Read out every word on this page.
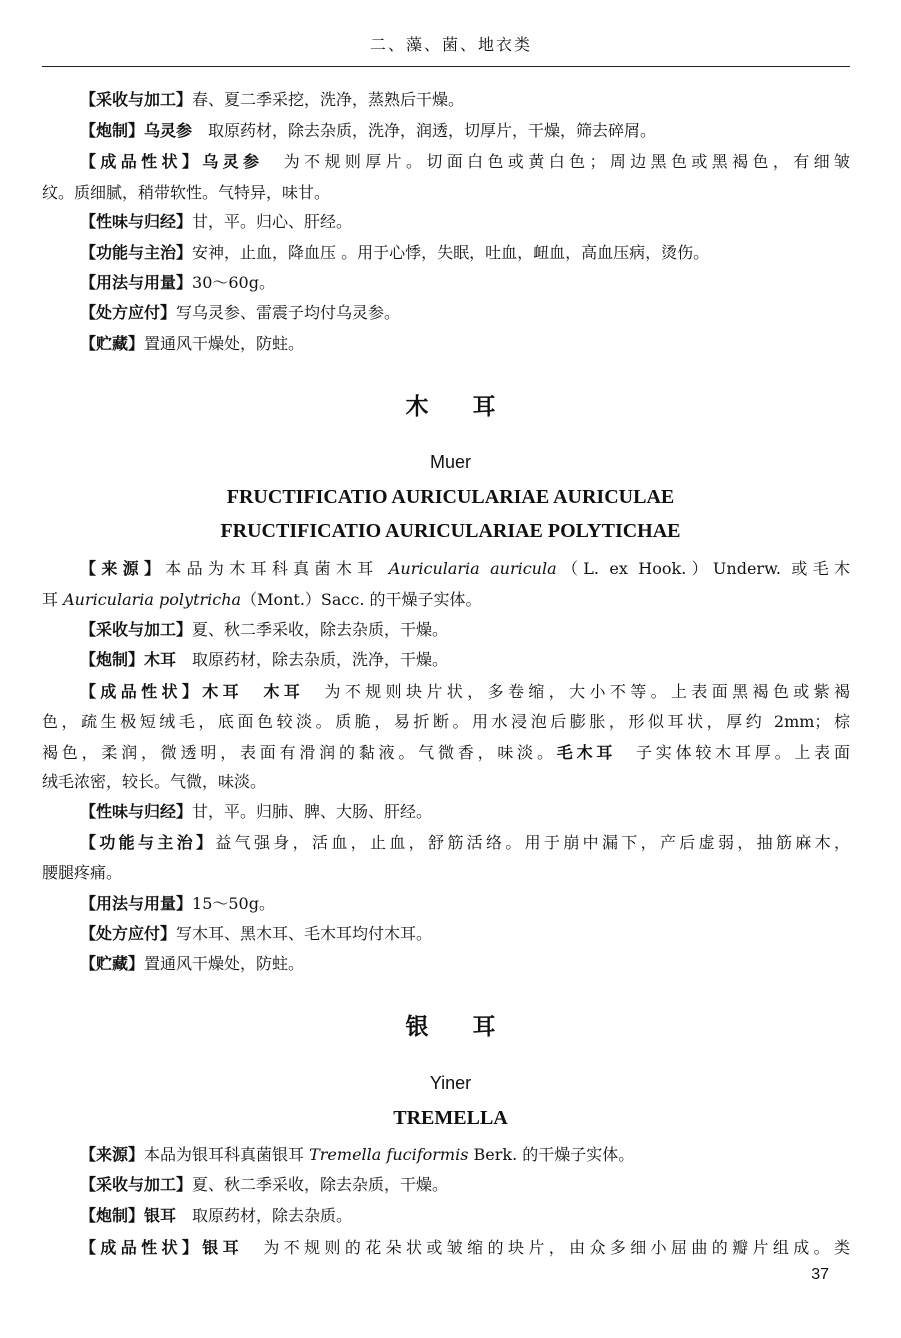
二、藻、菌、地衣类

【采收与加工】春、夏二季采挖，洗净，蒸熟后干燥。

【炮制】乌灵参　取原药材，除去杂质，洗净，润透，切厚片，干燥，筛去碎屑。

【成品性状】乌灵参　为不规则厚片。切面白色或黄白色；周边黑色或黑褐色，有细皱

纹。质细腻，稍带软性。气特异，味甘。

【性味与归经】甘，平。归心、肝经。

【功能与主治】安神，止血，降血压 。用于心悸，失眠，吐血，衄血，高血压病，烫伤。

【用法与用量】30～60g。

【处方应付】写乌灵参、雷震子均付乌灵参。

【贮藏】置通风干燥处，防蛀。

木耳
Muer
FRUCTIFICATIO AURICULARIAE AURICULAE
FRUCTIFICATIO AURICULARIAE POLYTICHAE

【来源】本品为木耳科真菌木耳 Auricularia auricula（L. ex Hook.）Underw. 或毛木

耳 Auricularia polytricha（Mont.）Sacc. 的干燥子实体。

【采收与加工】夏、秋二季采收，除去杂质，干燥。

【炮制】木耳　取原药材，除去杂质，洗净，干燥。

【成品性状】木耳　木耳　为不规则块片状，多卷缩，大小不等。上表面黑褐色或紫褐

色，疏生极短绒毛，底面色较淡。质脆，易折断。用水浸泡后膨胀，形似耳状，厚约 2mm；棕

褐色，柔润，微透明，表面有滑润的黏液。气微香，味淡。毛木耳　子实体较木耳厚。上表面

绒毛浓密，较长。气微，味淡。

【性味与归经】甘，平。归肺、脾、大肠、肝经。

【功能与主治】益气强身，活血，止血，舒筋活络。用于崩中漏下，产后虚弱，抽筋麻木，

腰腿疼痛。

【用法与用量】15～50g。

【处方应付】写木耳、黑木耳、毛木耳均付木耳。

【贮藏】置通风干燥处，防蛀。

银耳
Yiner
TREMELLA

【来源】本品为银耳科真菌银耳 Tremella fuciformis Berk. 的干燥子实体。

【采收与加工】夏、秋二季采收，除去杂质，干燥。

【炮制】银耳　取原药材，除去杂质。

【成品性状】银耳　为不规则的花朵状或皱缩的块片，由众多细小屈曲的瓣片组成。类

37
